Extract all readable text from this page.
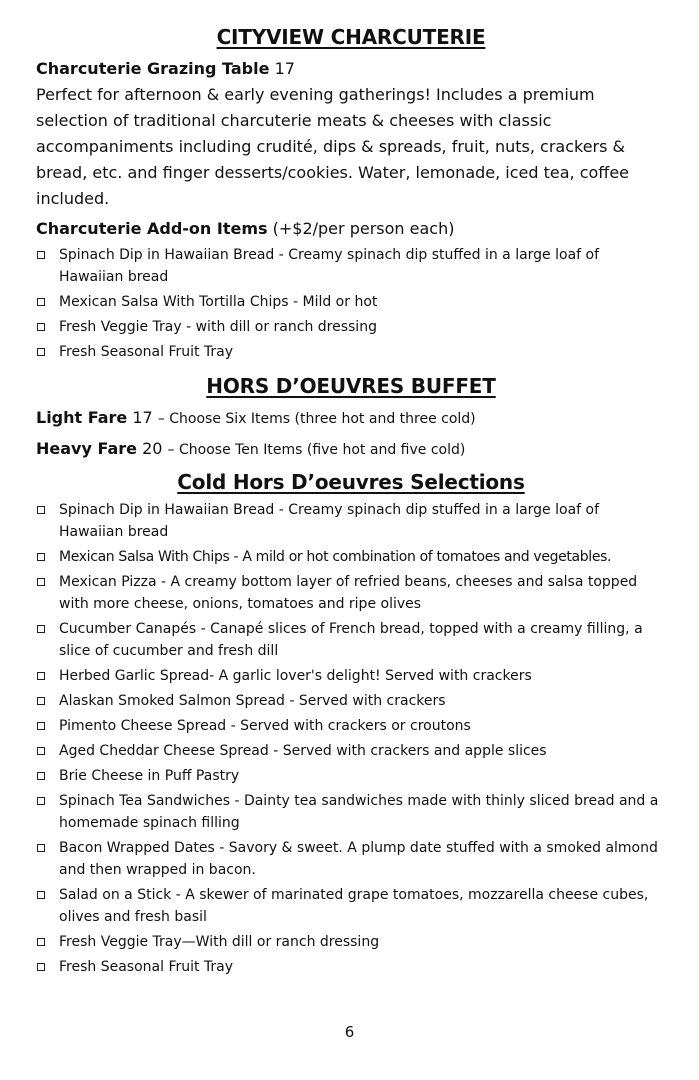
CITYVIEW CHARCUTERIE
Charcuterie Grazing Table 17
Perfect for afternoon & early evening gatherings! Includes a premium selection of traditional charcuterie meats & cheeses with classic accompaniments including crudité, dips & spreads, fruit, nuts, crackers & bread, etc. and finger desserts/cookies. Water, lemonade, iced tea, coffee included.
Charcuterie Add-on Items (+$2/per person each)
Spinach Dip in Hawaiian Bread - Creamy spinach dip stuffed in a large loaf of Hawaiian bread
Mexican Salsa With Tortilla Chips - Mild or hot
Fresh Veggie Tray - with dill or ranch dressing
Fresh Seasonal Fruit Tray
HORS D’OEUVRES BUFFET
Light Fare 17 – Choose Six Items (three hot and three cold)
Heavy Fare 20 – Choose Ten Items (five hot and five cold)
Cold Hors D’oeuvres Selections
Spinach Dip in Hawaiian Bread - Creamy spinach dip stuffed in a large loaf of Hawaiian bread
Mexican Salsa With Chips - A mild or hot combination of tomatoes and vegetables.
Mexican Pizza - A creamy bottom layer of refried beans, cheeses and salsa topped with more cheese, onions, tomatoes and ripe olives
Cucumber Canapés - Canapé slices of French bread, topped with a creamy filling, a slice of cucumber and fresh dill
Herbed Garlic Spread- A garlic lover's delight! Served with crackers
Alaskan Smoked Salmon Spread - Served with crackers
Pimento Cheese Spread - Served with crackers or croutons
Aged Cheddar Cheese Spread - Served with crackers and apple slices
Brie Cheese in Puff Pastry
Spinach Tea Sandwiches - Dainty tea sandwiches made with thinly sliced bread and a homemade spinach filling
Bacon Wrapped Dates - Savory & sweet. A plump date stuffed with a smoked almond and then wrapped in bacon.
Salad on a Stick - A skewer of marinated grape tomatoes, mozzarella cheese cubes, olives and fresh basil
Fresh Veggie Tray—With dill or ranch dressing
Fresh Seasonal Fruit Tray
6
